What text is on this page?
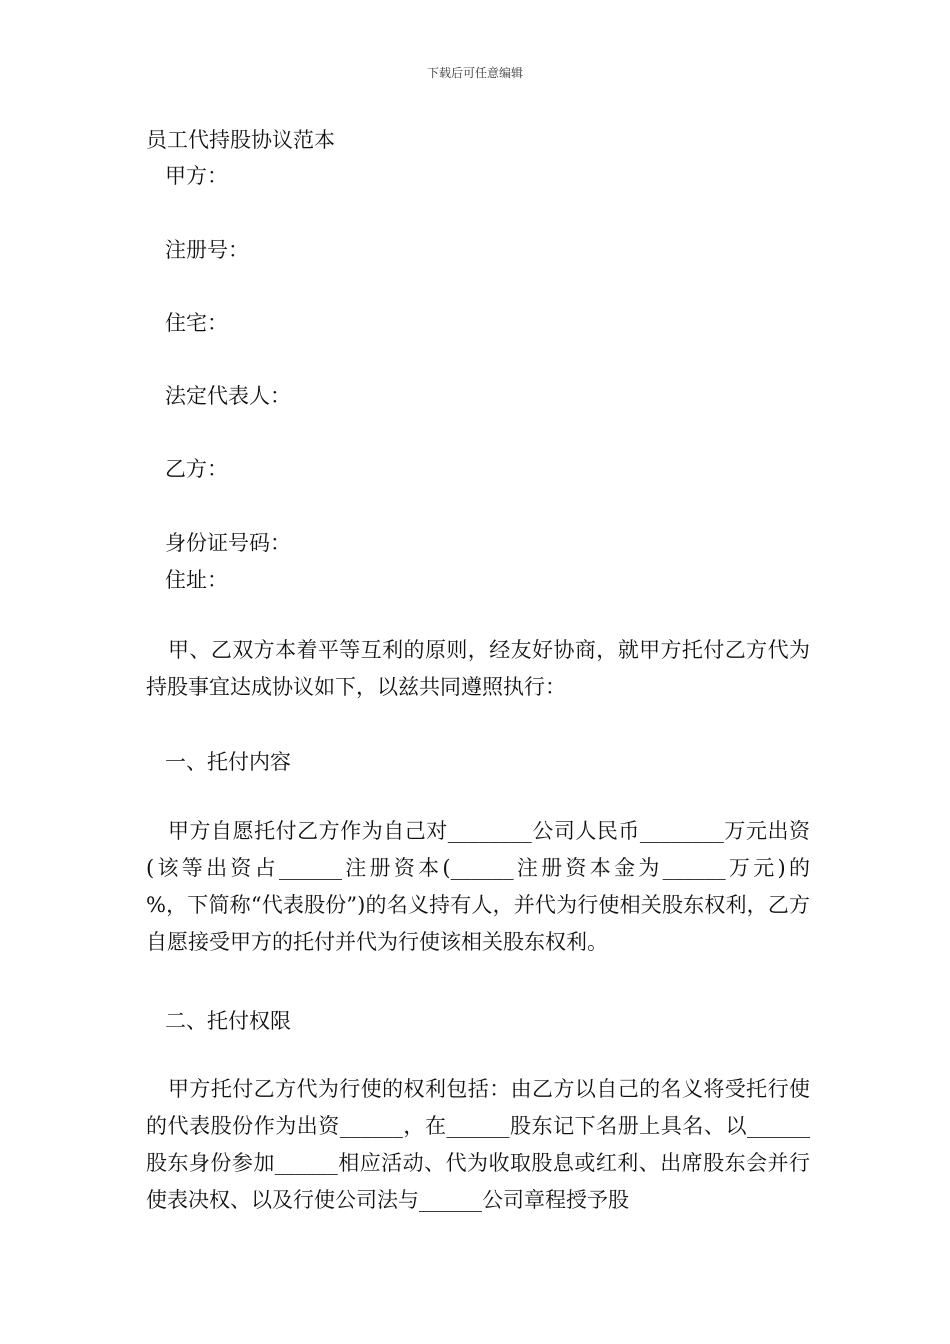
下载后可任意编辑
员工代持股协议范本
甲方：
注册号：
住宅：
法定代表人：
乙方：
身份证号码：
住址：
甲、乙双方本着平等互利的原则，经友好协商，就甲方托付乙方代为持股事宜达成协议如下，以兹共同遵照执行：
一、托付内容
甲方自愿托付乙方作为自己对________公司人民币________万元出资(该等出资占______注册资本(______注册资本金为______万元)的　　%，下简称“代表股份”)的名义持有人，并代为行使相关股东权利，乙方自愿接受甲方的托付并代为行使该相关股东权利。
二、托付权限
甲方托付乙方代为行使的权利包括：由乙方以自己的名义将受托行使的代表股份作为出资______，在______股东记下名册上具名、以______股东身份参加______相应活动、代为收取股息或红利、出席股东会并行使表决权、以及行使公司法与______公司章程授予股
